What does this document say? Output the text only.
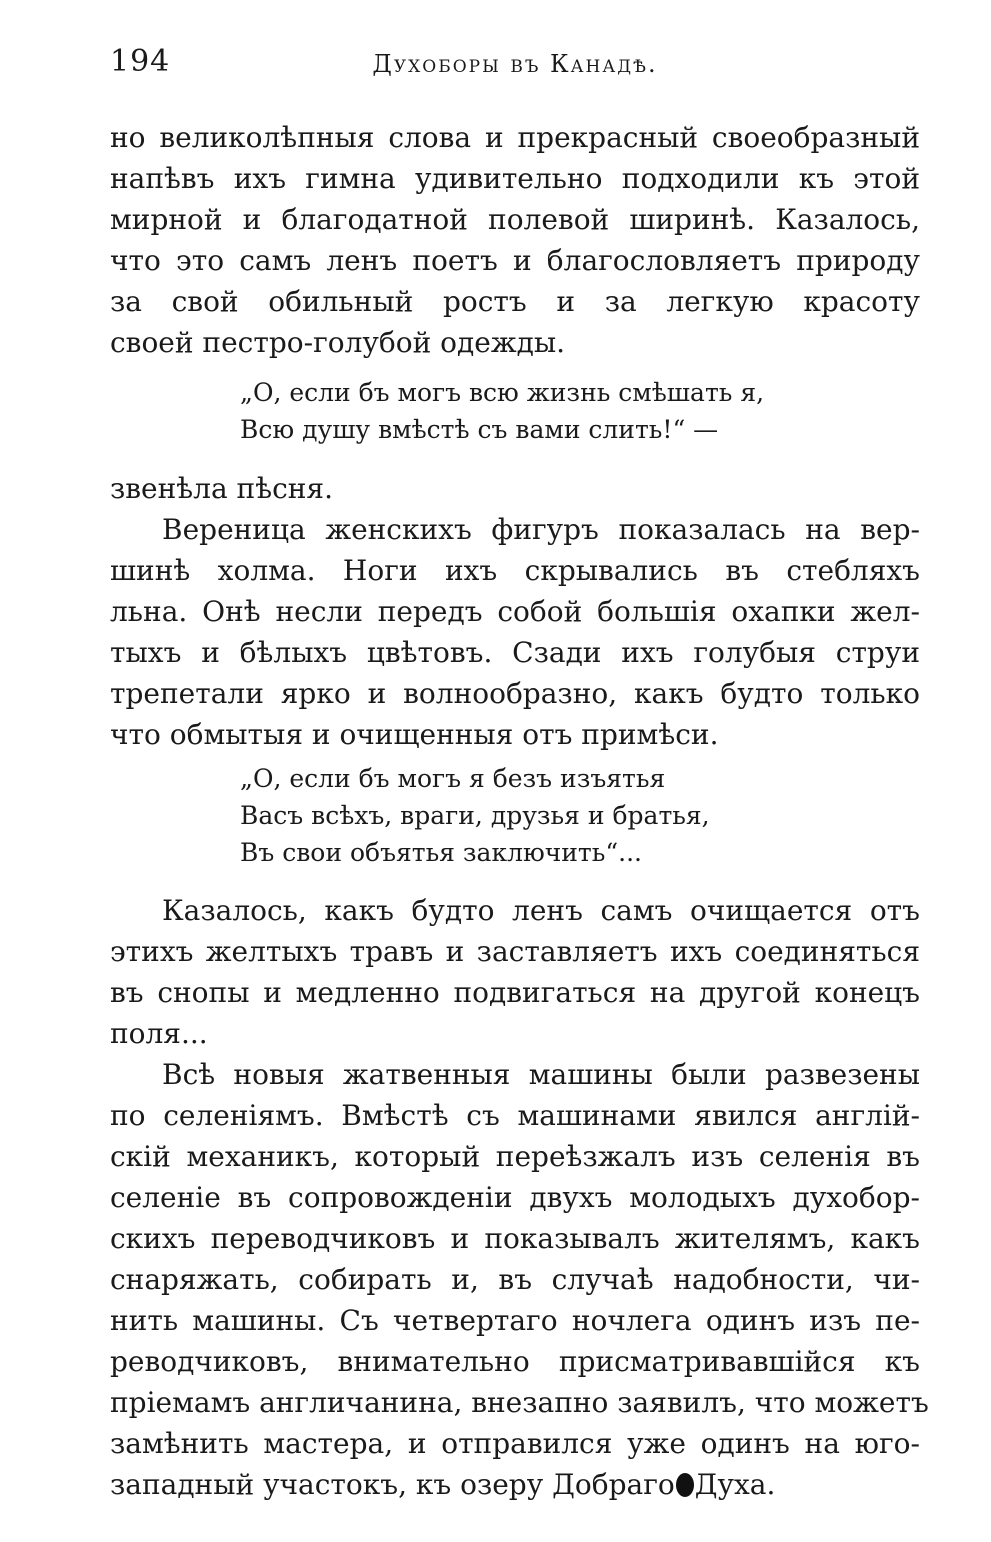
194	Духоборы въ Канадѣ.
но великолѣпныя слова и прекрасный своеобразный
напѣвъ ихъ гимна удивительно подходили къ этой
мирной и благодатной полевой ширинѣ. Казалось,
что это самъ ленъ поетъ и благословляетъ природу
за свой обильный ростъ и за легкую красоту
своей пестро-голубой одежды.
„О, если бъ могъ всю жизнь смѣшать я,
Всю душу вмѣстѣ съ вами слить!“ —
звенѣла пѣсня.
Вереница женскихъ фигуръ показалась на вер-
шинѣ холма. Ноги ихъ скрывались въ стебляхъ
льна. Онѣ несли передъ собой большія охапки жел-
тыхъ и бѣлыхъ цвѣтовъ. Сзади ихъ голубыя струи
трепетали ярко и волнообразно, какъ будто только
что обмытыя и очищенныя отъ примѣси.
„О, если бъ могъ я безъ изъятья
Васъ всѣхъ, враги, друзья и братья,
Въ свои объятья заключить“...
Казалось, какъ будто ленъ самъ очищается отъ
этихъ желтыхъ травъ и заставляетъ ихъ соединяться
въ снопы и медленно подвигаться на другой конецъ
поля...
Всѣ новыя жатвенныя машины были развезены
по селеніямъ. Вмѣстѣ съ машинами явился англій-
скій механикъ, который переѣзжалъ изъ селенія въ
селеніе въ сопровожденіи двухъ молодыхъ духобор-
скихъ переводчиковъ и показывалъ жителямъ, какъ
снаряжать, собирать и, въ случаѣ надобности, чи-
нить машины. Съ четвертаго ночлега одинъ изъ пе-
реводчиковъ, внимательно присматривавшійся къ
пріемамъ англичанина, внезапно заявилъ, что можетъ
замѣнить мастера, и отправился уже одинъ на юго-
западный участокъ, къ озеру Добраго Духа.
